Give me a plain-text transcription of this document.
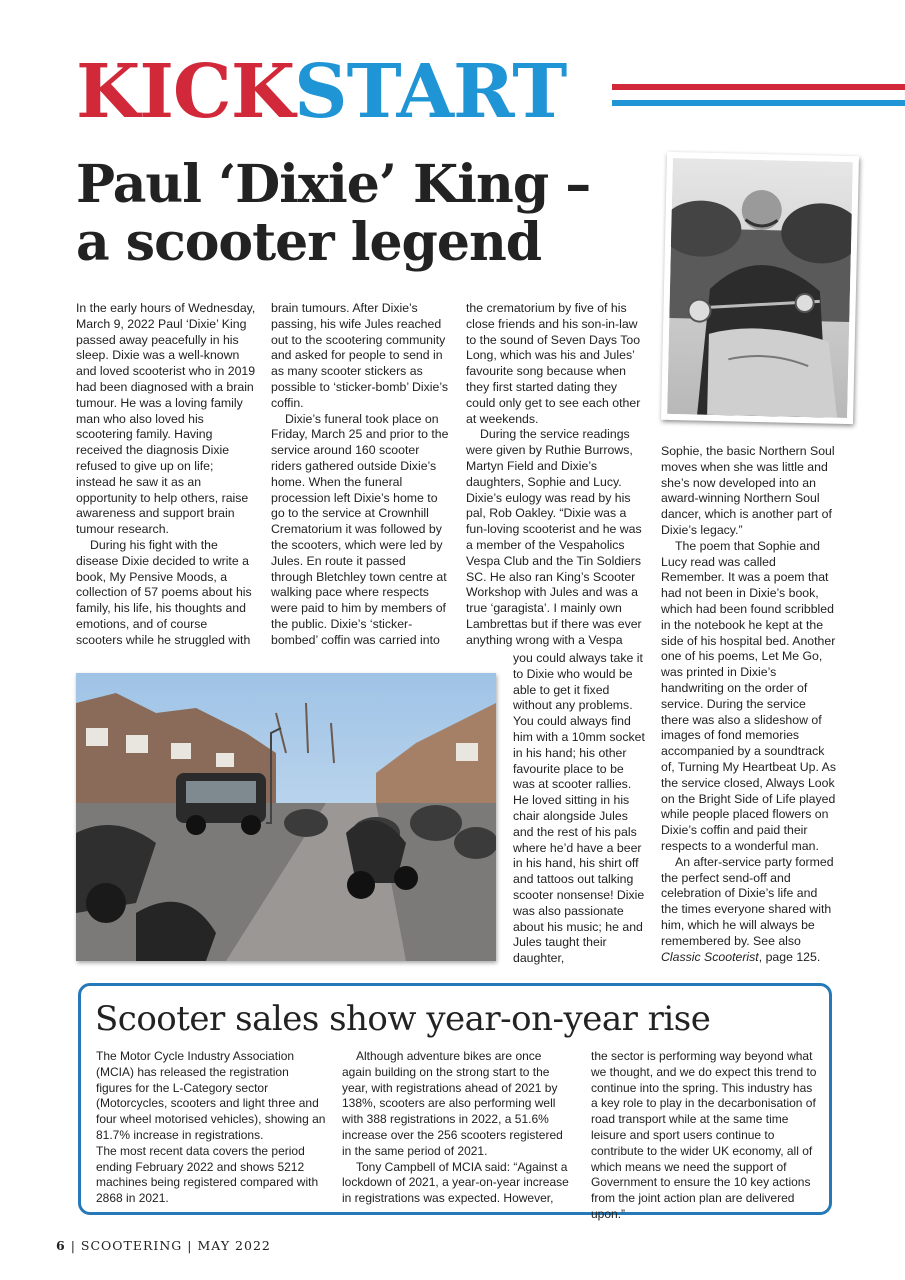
KICKSTART
Paul ‘Dixie’ King –
a scooter legend

In the early hours of Wednesday, March 9, 2022 Paul ‘Dixie’ King passed away peacefully in his sleep. Dixie was a well-known and loved scooterist who in 2019 had been diagnosed with a brain tumour. He was a loving family man who also loved his scootering family. Having received the diagnosis Dixie refused to give up on life; instead he saw it as an opportunity to help others, raise awareness and support brain tumour research.

During his fight with the disease Dixie decided to write a book, My Pensive Moods, a collection of 57 poems about his family, his life, his thoughts and emotions, and of course scooters while he struggled with

brain tumours. After Dixie’s passing, his wife Jules reached out to the scootering community and asked for people to send in as many scooter stickers as possible to ‘sticker-bomb’ Dixie’s coffin.

Dixie’s funeral took place on Friday, March 25 and prior to the service around 160 scooter riders gathered outside Dixie’s home. When the funeral procession left Dixie’s home to go to the service at Crownhill Crematorium it was followed by the scooters, which were led by Jules. En route it passed through Bletchley town centre at walking pace where respects were paid to him by members of the public. Dixie’s ‘sticker-bombed’ coffin was carried into

the crematorium by five of his close friends and his son-in-law to the sound of Seven Days Too Long, which was his and Jules’ favourite song because when they first started dating they could only get to see each other at weekends.

During the service readings were given by Ruthie Burrows, Martyn Field and Dixie’s daughters, Sophie and Lucy. Dixie’s eulogy was read by his pal, Rob Oakley. “Dixie was a fun-loving scooterist and he was a member of the Vespaholics Vespa Club and the Tin Soldiers SC. He also ran King’s Scooter Workshop with Jules and was a true ‘garagista’. I mainly own Lambrettas but if there was ever anything wrong with a Vespa

you could always take it to Dixie who would be able to get it fixed without any problems. You could always find him with a 10mm socket in his hand; his other favourite place to be was at scooter rallies. He loved sitting in his chair alongside Jules and the rest of his pals where he’d have a beer in his hand, his shirt off and tattoos out talking scooter nonsense! Dixie was also passionate about his music; he and Jules taught their daughter,

Sophie, the basic Northern Soul moves when she was little and she’s now developed into an award-winning Northern Soul dancer, which is another part of Dixie’s legacy.”

The poem that Sophie and Lucy read was called Remember. It was a poem that had not been in Dixie’s book, which had been found scribbled in the notebook he kept at the side of his hospital bed. Another one of his poems, Let Me Go, was printed in Dixie’s handwriting on the order of service. During the service there was also a slideshow of images of fond memories accompanied by a soundtrack of, Turning My Heartbeat Up. As the service closed, Always Look on the Bright Side of Life played while people placed flowers on Dixie’s coffin and paid their respects to a wonderful man.

An after-service party formed the perfect send-off and celebration of Dixie’s life and the times everyone shared with him, which he will always be remembered by. See also Classic Scooterist, page 125.

Scooter sales show year-on-year rise

The Motor Cycle Industry Association (MCIA) has released the registration figures for the L-Category sector (Motorcycles, scooters and light three and four wheel motorised vehicles), showing an 81.7% increase in registrations.

The most recent data covers the period ending February 2022 and shows 5212 machines being registered compared with 2868 in 2021.

Although adventure bikes are once again building on the strong start to the year, with registrations ahead of 2021 by 138%, scooters are also performing well with 388 registrations in 2022, a 51.6% increase over the 256 scooters registered in the same period of 2021.

Tony Campbell of MCIA said: “Against a lockdown of 2021, a year-on-year increase in registrations was expected. However,

the sector is performing way beyond what we thought, and we do expect this trend to continue into the spring. This industry has a key role to play in the decarbonisation of road transport while at the same time leisure and sport users continue to contribute to the wider UK economy, all of which means we need the support of Government to ensure the 10 key actions from the joint action plan are delivered upon.”

6 | SCOOTERING | MAY 2022
